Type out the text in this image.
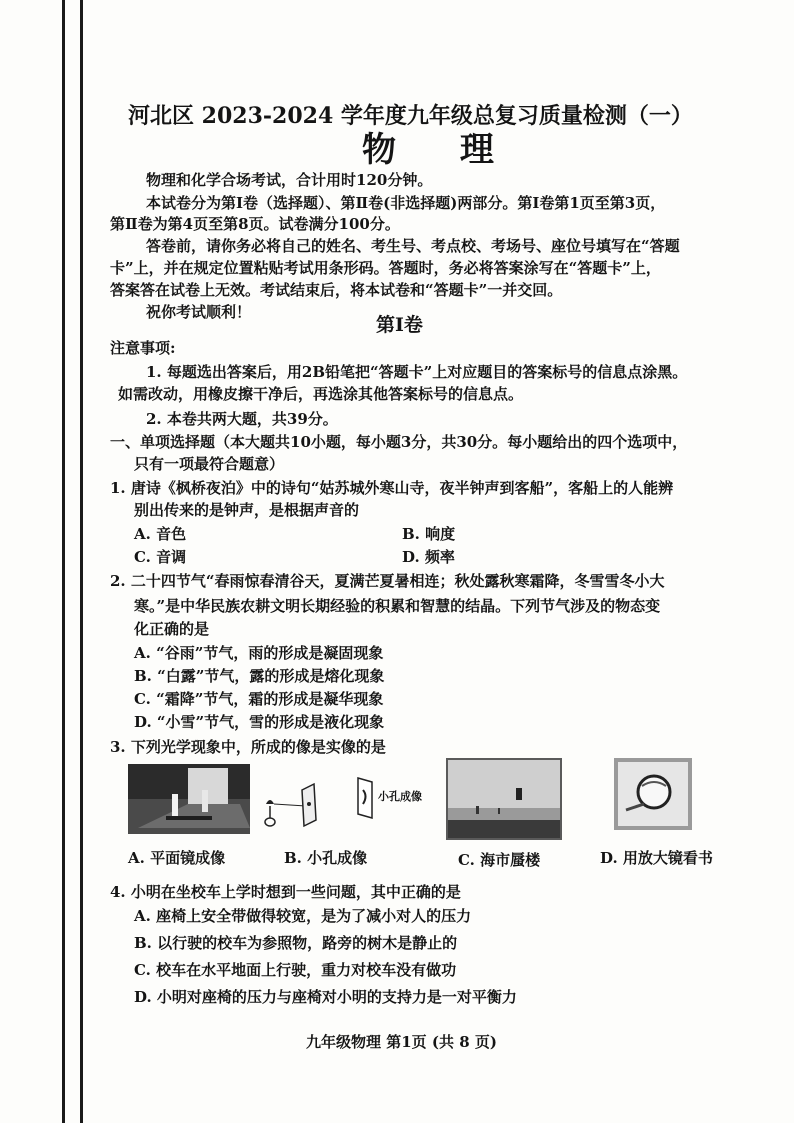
河北区 2023-2024 学年度九年级总复习质量检测（一）
物 理
物理和化学合场考试，合计用时120分钟。
本试卷分为第Ⅰ卷（选择题）、第Ⅱ卷(非选择题)两部分。第Ⅰ卷第1页至第3页，
第Ⅱ卷为第4页至第8页。试卷满分100分。
答卷前，请你务必将自己的姓名、考生号、考点校、考场号、座位号填写在“答题
卡”上，并在规定位置粘贴考试用条形码。答题时，务必将答案涂写在“答题卡”上，
答案答在试卷上无效。考试结束后，将本试卷和“答题卡”一并交回。
祝你考试顺利！
第Ⅰ卷
注意事项:
1. 每题选出答案后，用2B铅笔把“答题卡”上对应题目的答案标号的信息点涂黑。
如需改动，用橡皮擦干净后，再选涂其他答案标号的信息点。
2. 本卷共两大题，共39分。
一、单项选择题（本大题共10小题，每小题3分，共30分。每小题给出的四个选项中，
只有一项最符合题意）
1. 唐诗《枫桥夜泊》中的诗句“姑苏城外寒山寺，夜半钟声到客船”，客船上的人能辨
别出传来的是钟声，是根据声音的
A. 音色	B. 响度
C. 音调	D. 频率
2. 二十四节气“春雨惊春清谷天，夏满芒夏暑相连；秋处露秋寒霜降，冬雪雪冬小大
寒。”是中华民族农耕文明长期经验的积累和智慧的结晶。下列节气涉及的物态变
化正确的是
A. “谷雨”节气，雨的形成是凝固现象
B. “白露”节气，露的形成是熔化现象
C. “霜降”节气，霜的形成是凝华现象
D. “小雪”节气，雪的形成是液化现象
3. 下列光学现象中，所成的像是实像的是
小孔成像
A. 平面镜成像	B. 小孔成像	C. 海市蜃楼	D. 用放大镜看书
4. 小明在坐校车上学时想到一些问题，其中正确的是
A. 座椅上安全带做得较宽，是为了减小对人的压力
B. 以行驶的校车为参照物，路旁的树木是静止的
C. 校车在水平地面上行驶，重力对校车没有做功
D. 小明对座椅的压力与座椅对小明的支持力是一对平衡力
九年级物理 第1页 (共 8 页)
